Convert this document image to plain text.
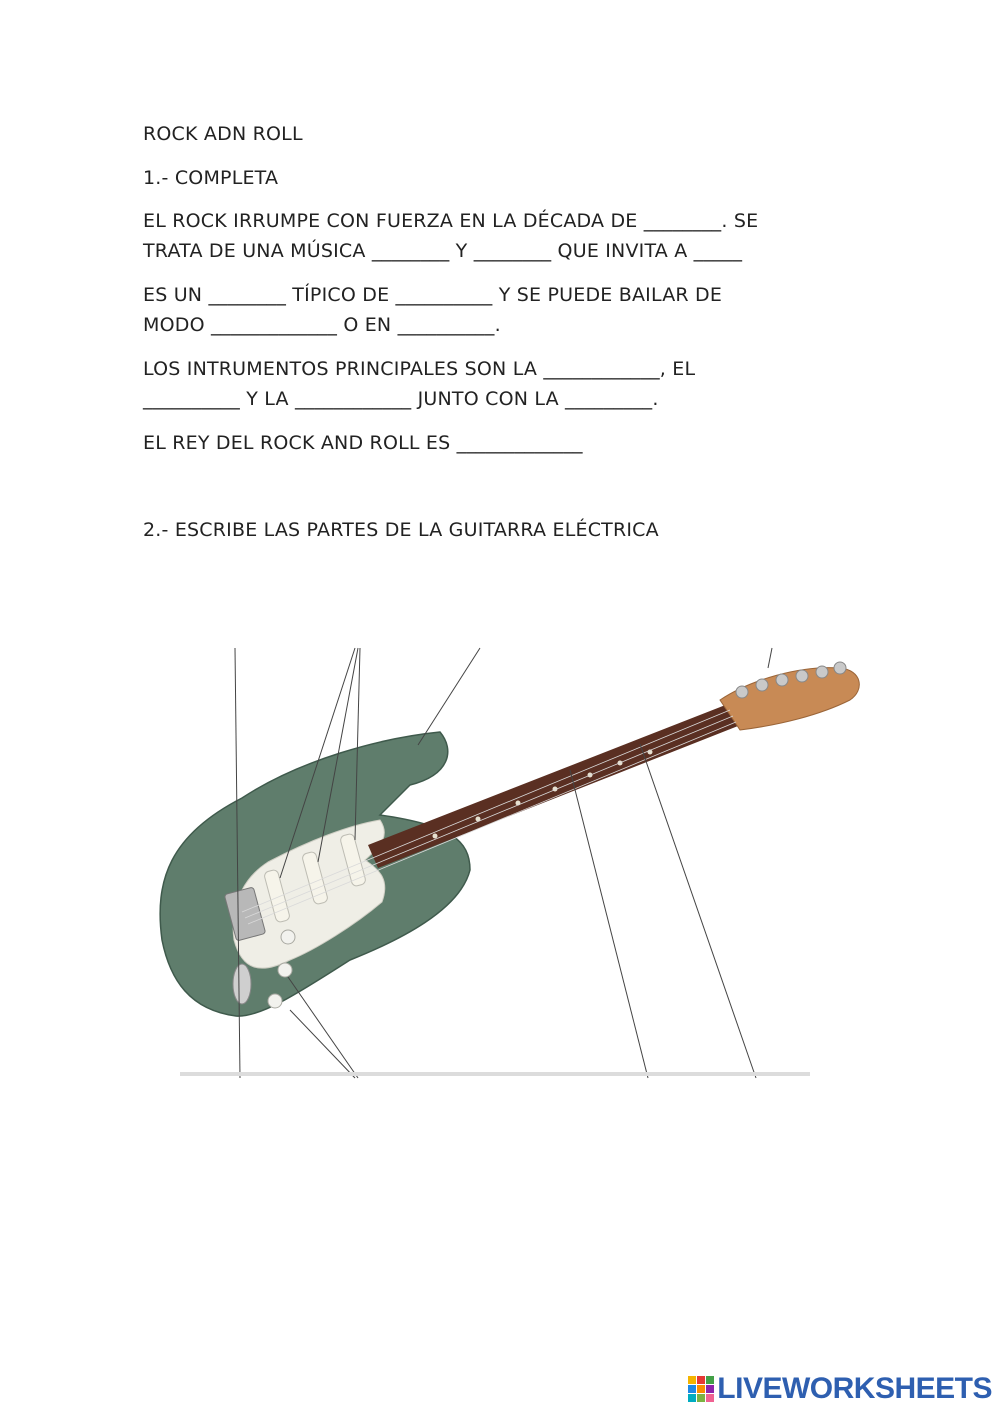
ROCK ADN ROLL
1.- COMPLETA
EL ROCK IRRUMPE CON FUERZA EN LA DÉCADA DE ________. SE
TRATA DE UNA MÚSICA ________ Y ________ QUE INVITA A _____
ES UN ________ TÍPICO DE __________ Y SE PUEDE BAILAR DE
MODO _____________ O EN __________.
LOS INTRUMENTOS PRINCIPALES SON LA ____________, EL
__________ Y LA ____________ JUNTO CON LA _________.
EL REY DEL ROCK AND ROLL ES _____________
2.- ESCRIBE LAS PARTES DE LA GUITARRA ELÉCTRICA
LIVEWORKSHEETS
